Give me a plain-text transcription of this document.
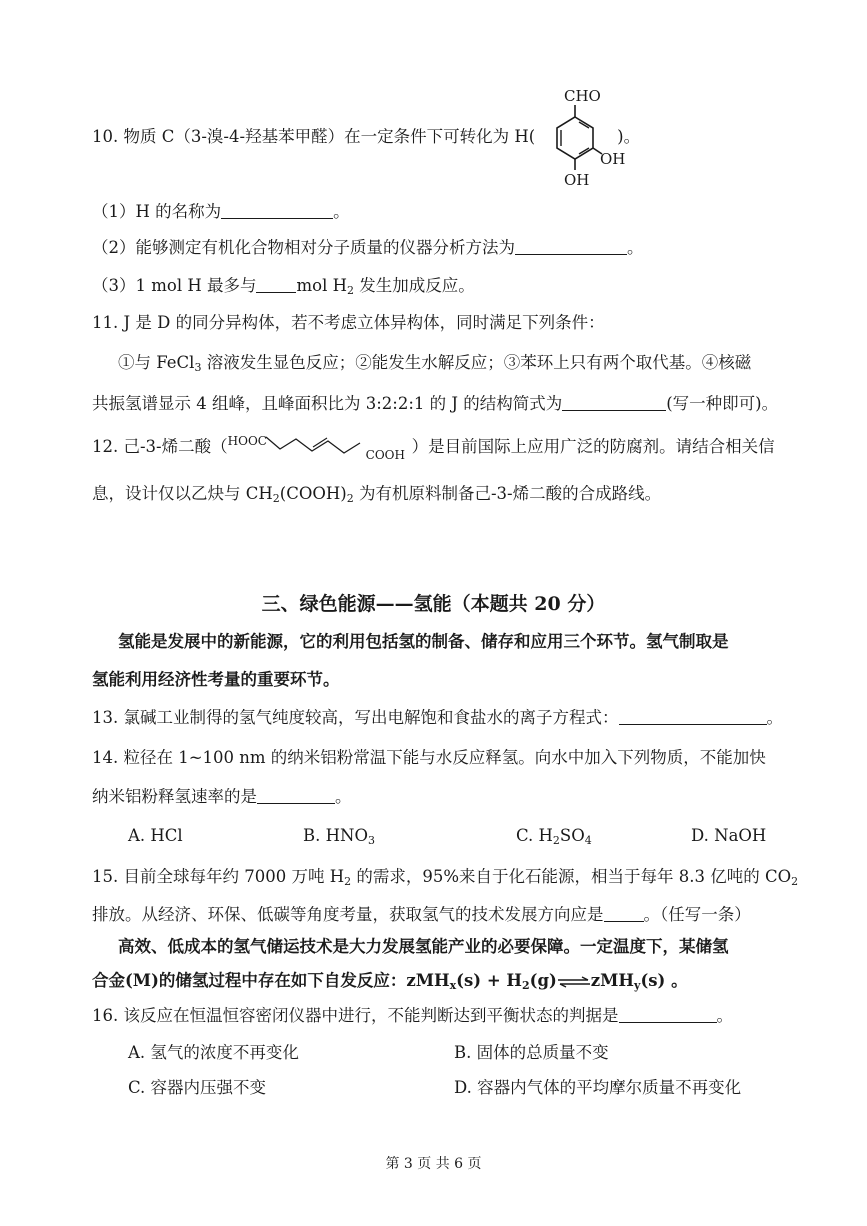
CHO
OH
OH
10. 物质 C（3-溴-4-羟基苯甲醛）在一定条件下可转化为 H(	)。
（1）H 的名称为	。
（2）能够测定有机化合物相对分子质量的仪器分析方法为	。
（3）1 mol H 最多与 mol $H_2$ 发生加成反应。
11. J 是 D 的同分异构体，若不考虑立体异构体，同时满足下列条件：
①与 FeCl$_3$ 溶液发生显色反应；②能发生水解反应；③苯环上只有两个取代基。④核磁
共振氢谱显示 4 组峰，且峰面积比为 3:2:2:1 的 J 的结构简式为	(写一种即可)。
12. 己-3-烯二酸（ HOOC
COOH ）是目前国际上应用广泛的防腐剂。请结合相关信
息，设计仅以乙炔与 $CH_2(COOH)_2$ 为有机原料制备己-3-烯二酸的合成路线。
三、绿色能源——氢能（本题共 20 分）
氢能是发展中的新能源，它的利用包括氢的制备、储存和应用三个环节。氢气制取是
氢能利用经济性考量的重要环节。
13. 氯碱工业制得的氢气纯度较高，写出电解饱和食盐水的离子方程式：	。
14. 粒径在 1~100 nm 的纳米铝粉常温下能与水反应释氢。向水中加入下列物质，不能加快
纳米铝粉释氢速率的是	。
A. HCl	B. $HNO_3$	C. $H_2SO_4$	D. NaOH
15. 目前全球每年约 7000 万吨 $H_2$ 的需求，95%来自于化石能源，相当于每年 8.3 亿吨的 $CO_2$
排放。从经济、环保、低碳等角度考量，获取氢气的技术发展方向应是 。（任写一条）
高效、低成本的氢气储运技术是大力发展氢能产业的必要保障。一定温度下，某储氢
合金(M)的储氢过程中存在如下自发反应：$zMH_x(s) + H_2(g)\rightleftharpoons zMH_y(s)$ 。
16. 该反应在恒温恒容密闭仪器中进行，不能判断达到平衡状态的判据是	。
A. 氢气的浓度不再变化	B. 固体的总质量不变
C. 容器内压强不变	D. 容器内气体的平均摩尔质量不再变化
第 3 页 共 6 页
